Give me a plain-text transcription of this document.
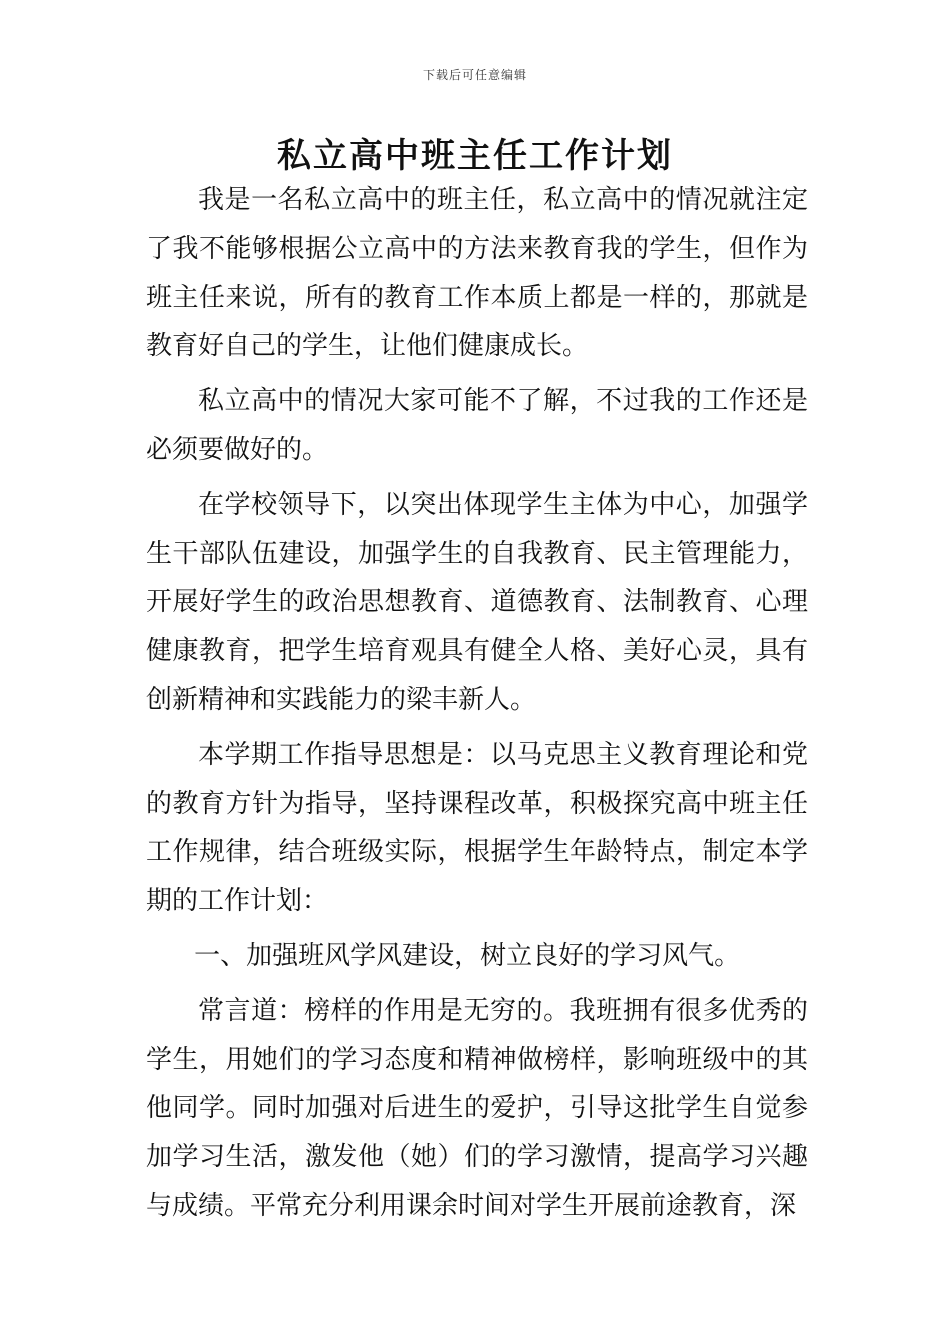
下载后可任意编辑
私立高中班主任工作计划

我是一名私立高中的班主任，私立高中的情况就注定了我不能够根据公立高中的方法来教育我的学生，但作为班主任来说，所有的教育工作本质上都是一样的，那就是教育好自己的学生，让他们健康成长。

私立高中的情况大家可能不了解，不过我的工作还是必须要做好的。

在学校领导下，以突出体现学生主体为中心，加强学生干部队伍建设，加强学生的自我教育、民主管理能力，开展好学生的政治思想教育、道德教育、法制教育、心理健康教育，把学生培育观具有健全人格、美好心灵，具有创新精神和实践能力的梁丰新人。

本学期工作指导思想是：以马克思主义教育理论和党的教育方针为指导，坚持课程改革，积极探究高中班主任工作规律，结合班级实际，根据学生年龄特点，制定本学期的工作计划：

一、加强班风学风建设，树立良好的学习风气。

常言道：榜样的作用是无穷的。我班拥有很多优秀的学生，用她们的学习态度和精神做榜样，影响班级中的其他同学。同时加强对后进生的爱护，引导这批学生自觉参加学习生活，激发他（她）们的学习激情，提高学习兴趣与成绩。平常充分利用课余时间对学生开展前途教育，深
